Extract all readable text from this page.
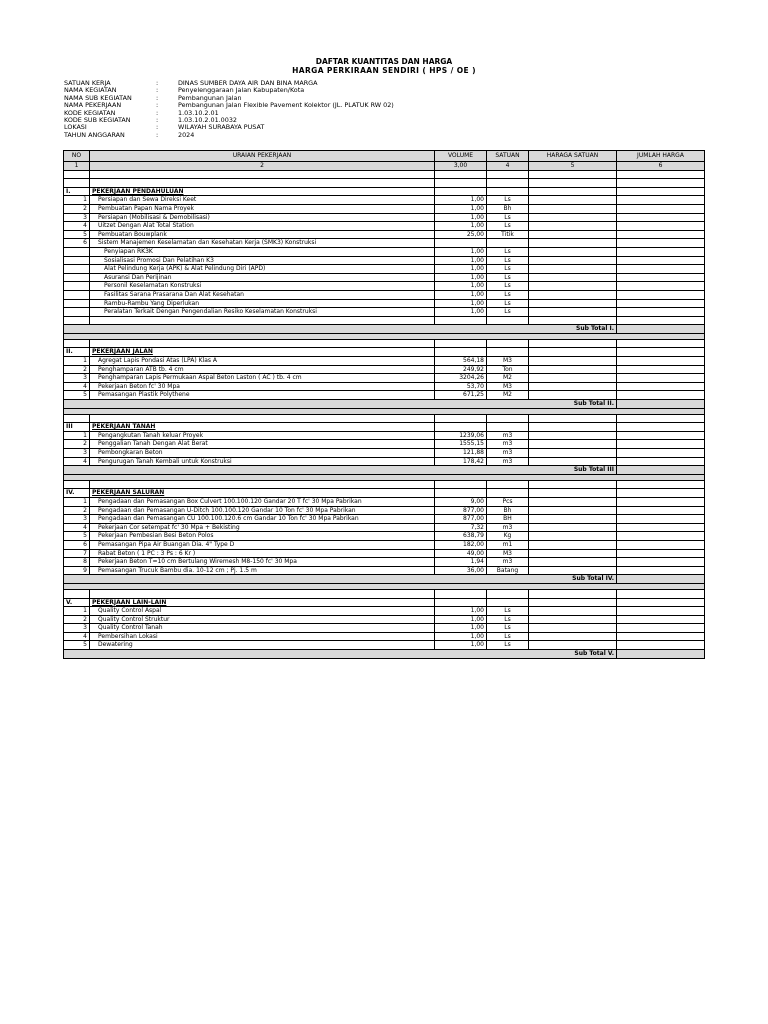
DAFTAR KUANTITAS DAN HARGA
HARGA PERKIRAAN SENDIRI ( HPS / OE )
SATUAN KERJA	:	DINAS SUMBER DAYA AIR DAN BINA MARGA
NAMA KEGIATAN	:	Penyelenggaraan Jalan Kabupaten/Kota
NAMA SUB KEGIATAN	:	Pembangunan Jalan
NAMA PEKERJAAN	:	Pembangunan Jalan Flexible Pavement Kolektor (JL. PLATUK RW 02)
KODE KEGIATAN	:	1.03.10.2.01
KODE SUB KEGIATAN	:	1.03.10.2.01.0032
LOKASI	:	WILAYAH SURABAYA PUSAT
TAHUN ANGGARAN	:	2024
NO	URAIAN PEKERJAAN	VOLUME	SATUAN	HARAGA SATUAN	JUMLAH HARGA
1	2	3,00	4	5	6

I.	PEKERJAAN PENDAHULUAN				
1	Persiapan dan Sewa Direksi Keet	1,00	Ls		
2	Pembuatan Papan Nama Proyek	1,00	Bh		
3	Persiapan (Mobilisasi & Demobilisasi)	1,00	Ls		
4	Uitzet Dengan Alat Total Station	1,00	Ls		
5	Pembuatan Bouwplank	25,00	Titik		
6	Sistem Manajemen Keselamatan dan Kesehatan Kerja (SMK3) Konstruksi				
	Penyiapan RK3K	1,00	Ls		
	Sosialisasi Promosi Dan Pelatihan K3	1,00	Ls		
	Alat Pelindung Kerja (APK) & Alat Pelindung Diri (APD)	1,00	Ls		
	Asuransi Dan Perijinan	1,00	Ls		
	Personil Keselamatan Konstruksi	1,00	Ls		
	Fasilitas Sarana Prasarana Dan Alat Kesehatan	1,00	Ls		
	Rambu-Rambu Yang Diperlukan	1,00	Ls		
	Peralatan Terkait Dengan Pengendalian Resiko Keselamatan Konstruksi	1,00	Ls		

Sub Total I.					

II.	PEKERJAAN JALAN				
1	Agregat Lapis Pondasi Atas (LPA) Klas A	564,18	M3		
2	Penghamparan ATB tb. 4 cm	249,92	Ton		
3	Penghamparan Lapis Permukaan Aspal Beton Laston ( AC ) tb. 4 cm	3204,26	M2		
4	Pekerjaan Beton fc' 30 Mpa	53,70	M3		
5	Pemasangan Plastik Polythene	671,25	M2		
Sub Total II.					

III	PEKERJAAN TANAH				
1	Pengangkutan Tanah keluar Proyek	1239,06	m3		
2	Penggalian Tanah Dengan Alat Berat	1555,15	m3		
3	Pembongkaran Beton	121,88	m3		
4	Pengurugan Tanah Kembali untuk Konstruksi	178,42	m3		
Sub Total III					

IV.	PEKERJAAN SALURAN				
1	Pengadaan dan Pemasangan Box Culvert 100.100.120 Gandar 20 T fc' 30 Mpa Pabrikan	9,00	Pcs		
2	Pengadaan dan Pemasangan U-Ditch 100.100.120 Gandar 10 Ton fc' 30 Mpa Pabrikan	877,00	Bh		
3	Pengadaan dan Pemasangan CU 100.100.120.6 cm Gandar 10 Ton fc' 30 Mpa Pabrikan	877,00	BH		
4	Pekerjaan Cor setempat fc' 30 Mpa + Bekisting	7,32	m3		
5	Pekerjaan Pembesian Besi Beton Polos	638,79	Kg		
6	Pemasangan Pipa Air Buangan Dia. 4" Type D	182,00	m1		
7	Rabat Beton ( 1 PC : 3 Ps : 6 Kr )	49,00	M3		
8	Pekerjaan Beton T=10 cm Bertulang Wiremesh M8-150 fc' 30 Mpa	1,94	m3		
9	Pemasangan Trucuk Bambu dia. 10-12 cm ; Pj. 1.5 m	36,00	Batang		
Sub Total IV.					

V.	PEKERJAAN LAIN-LAIN				
1	Quality Control Aspal	1,00	Ls		
2	Quality Control Struktur	1,00	Ls		
3	Quality Control Tanah	1,00	Ls		
4	Pembersihan Lokasi	1,00	Ls		
5	Dewatering	1,00	Ls		
Sub Total V.					
